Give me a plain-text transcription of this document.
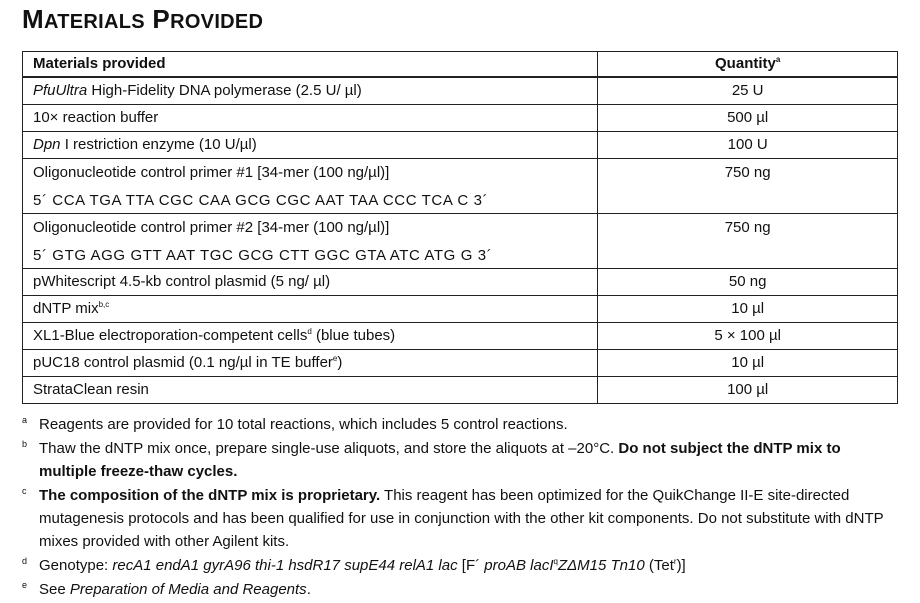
MATERIALS PROVIDED
Materials provided	Quantity$^a$
PfuUltra High-Fidelity DNA polymerase (2.5 U/ µl)	25 U
10× reaction buffer	500 µl
Dpn I restriction enzyme (10 U/µl)	100 U
Oligonucleotide control primer #1 [34-mer (100 ng/µl)]
5´ CCA TGA TTA CGC CAA GCG CGC AAT TAA CCC TCA C 3´	750 ng
Oligonucleotide control primer #2 [34-mer (100 ng/µl)]
5´ GTG AGG GTT AAT TGC GCG CTT GGC GTA ATC ATG G 3´	750 ng
pWhitescript 4.5-kb control plasmid (5 ng/ µl)	50 ng
dNTP mix$^{b,c}$	10 µl
XL1-Blue electroporation-competent cells$^d$ (blue tubes)	5 × 100 µl
pUC18 control plasmid (0.1 ng/µl in TE buffer$^e$)	10 µl
StrataClean resin	100 µl

a Reagents are provided for 10 total reactions, which includes 5 control reactions.

b Thaw the dNTP mix once, prepare single-use aliquots, and store the aliquots at –20°C. Do not subject the dNTP mix to multiple freeze-thaw cycles.

c The composition of the dNTP mix is proprietary. This reagent has been optimized for the QuikChange II-E site-directed mutagenesis protocols and has been qualified for use in conjunction with the other kit components. Do not substitute with dNTP mixes provided with other Agilent kits.

d Genotype: recA1 endA1 gyrA96 thi-1 hsdR17 supE44 relA1 lac [F´ proAB lacI$^q$ZΔM15 Tn10 (Tet$^r$)]

e See Preparation of Media and Reagents.
